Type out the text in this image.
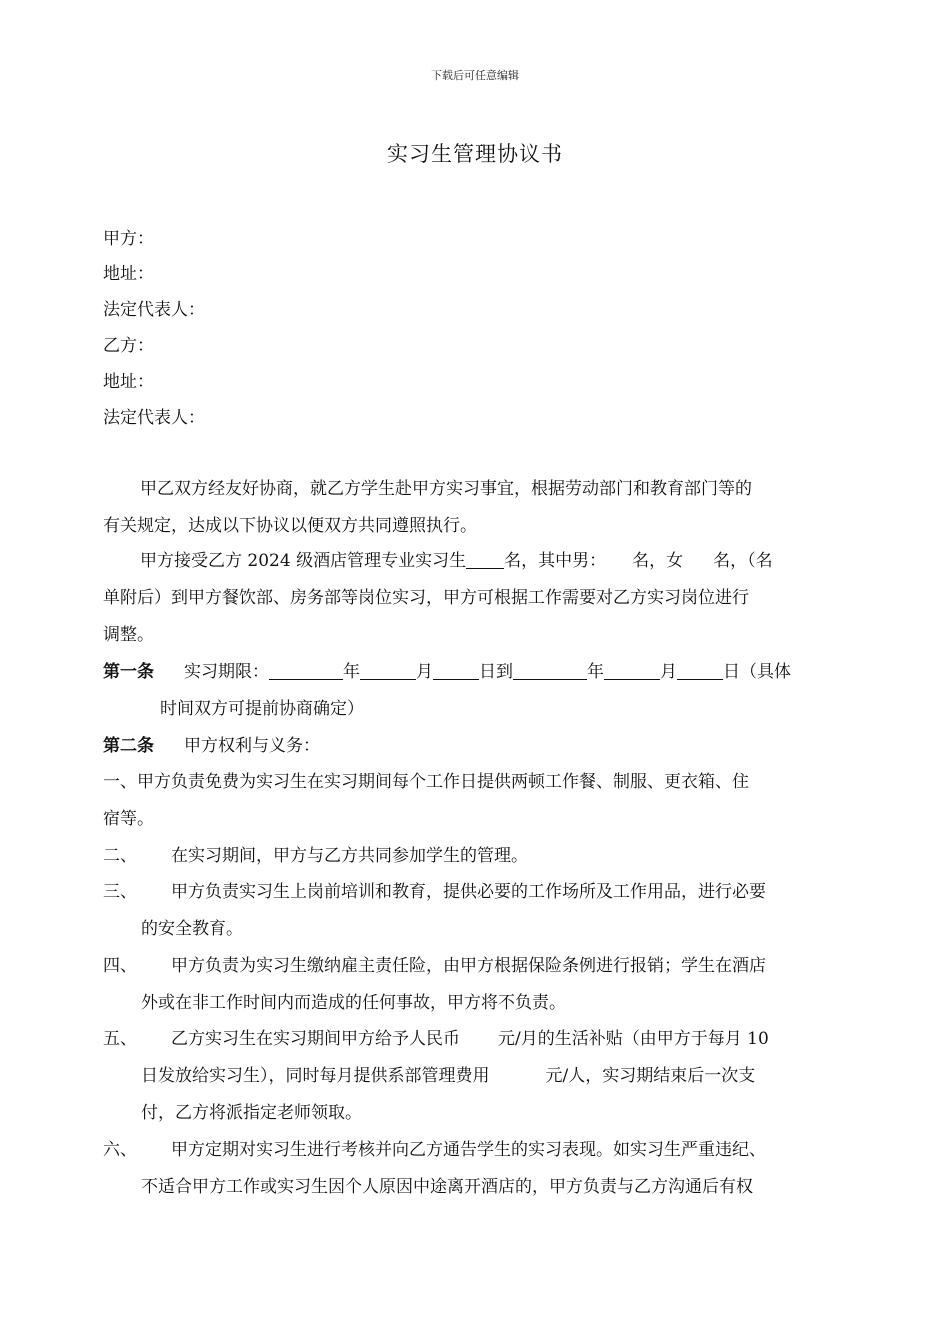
下载后可任意编辑
实习生管理协议书
甲方：
地址：
法定代表人：
乙方：
地址：
法定代表人：
甲乙双方经友好协商，就乙方学生赴甲方实习事宜，根据劳动部门和教育部门等的
有关规定，达成以下协议以便双方共同遵照执行。
甲方接受乙方 2024 级酒店管理专业实习生 名，其中男： 名，女 名，（名
单附后）到甲方餐饮部、房务部等岗位实习，甲方可根据工作需要对乙方实习岗位进行
调整。
第一条 实习期限：	年	月	日到	年	月	日（具体
时间双方可提前协商确定）
第二条 甲方权利与义务：
一、甲方负责免费为实习生在实习期间每个工作日提供两顿工作餐、制服、更衣箱、住
宿等。
二、 在实习期间，甲方与乙方共同参加学生的管理。
三、 甲方负责实习生上岗前培训和教育，提供必要的工作场所及工作用品，进行必要
的安全教育。
四、 甲方负责为实习生缴纳雇主责任险，由甲方根据保险条例进行报销；学生在酒店
外或在非工作时间内而造成的任何事故，甲方将不负责。
五、 乙方实习生在实习期间甲方给予人民币 元/月的生活补贴（由甲方于每月 10
日发放给实习生），同时每月提供系部管理费用	元/人，实习期结束后一次支
付，乙方将派指定老师领取。
六、 甲方定期对实习生进行考核并向乙方通告学生的实习表现。如实习生严重违纪、
不适合甲方工作或实习生因个人原因中途离开酒店的，甲方负责与乙方沟通后有权
